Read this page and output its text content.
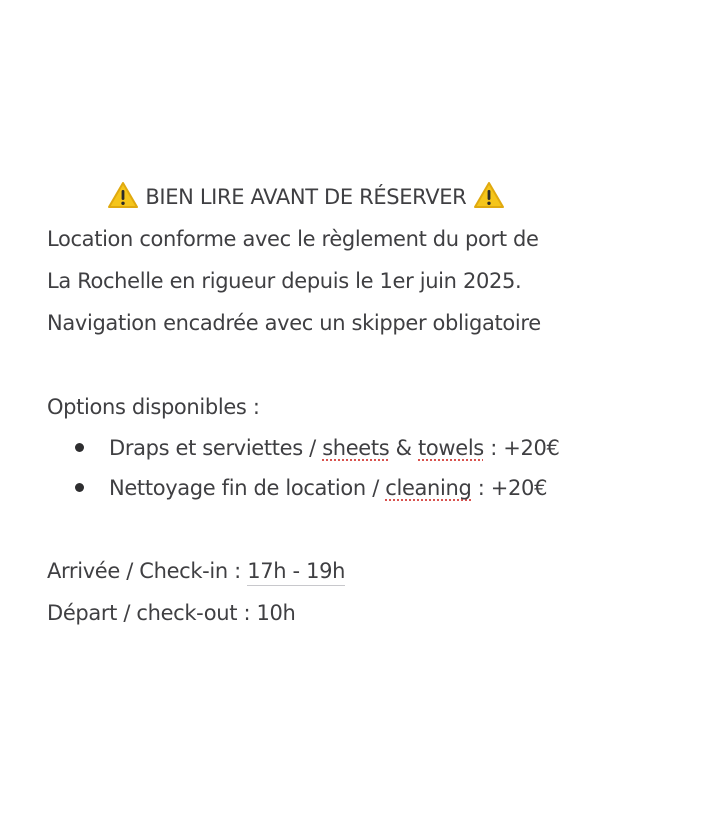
BIEN LIRE AVANT DE RÉSERVER
Location conforme avec le règlement du port de
La Rochelle en rigueur depuis le 1er juin 2025.
Navigation encadrée avec un skipper obligatoire
Options disponibles :
Draps et serviettes / sheets & towels : +20€
Nettoyage fin de location / cleaning : +20€
Arrivée / Check-in : 17h - 19h
Départ / check-out : 10h
